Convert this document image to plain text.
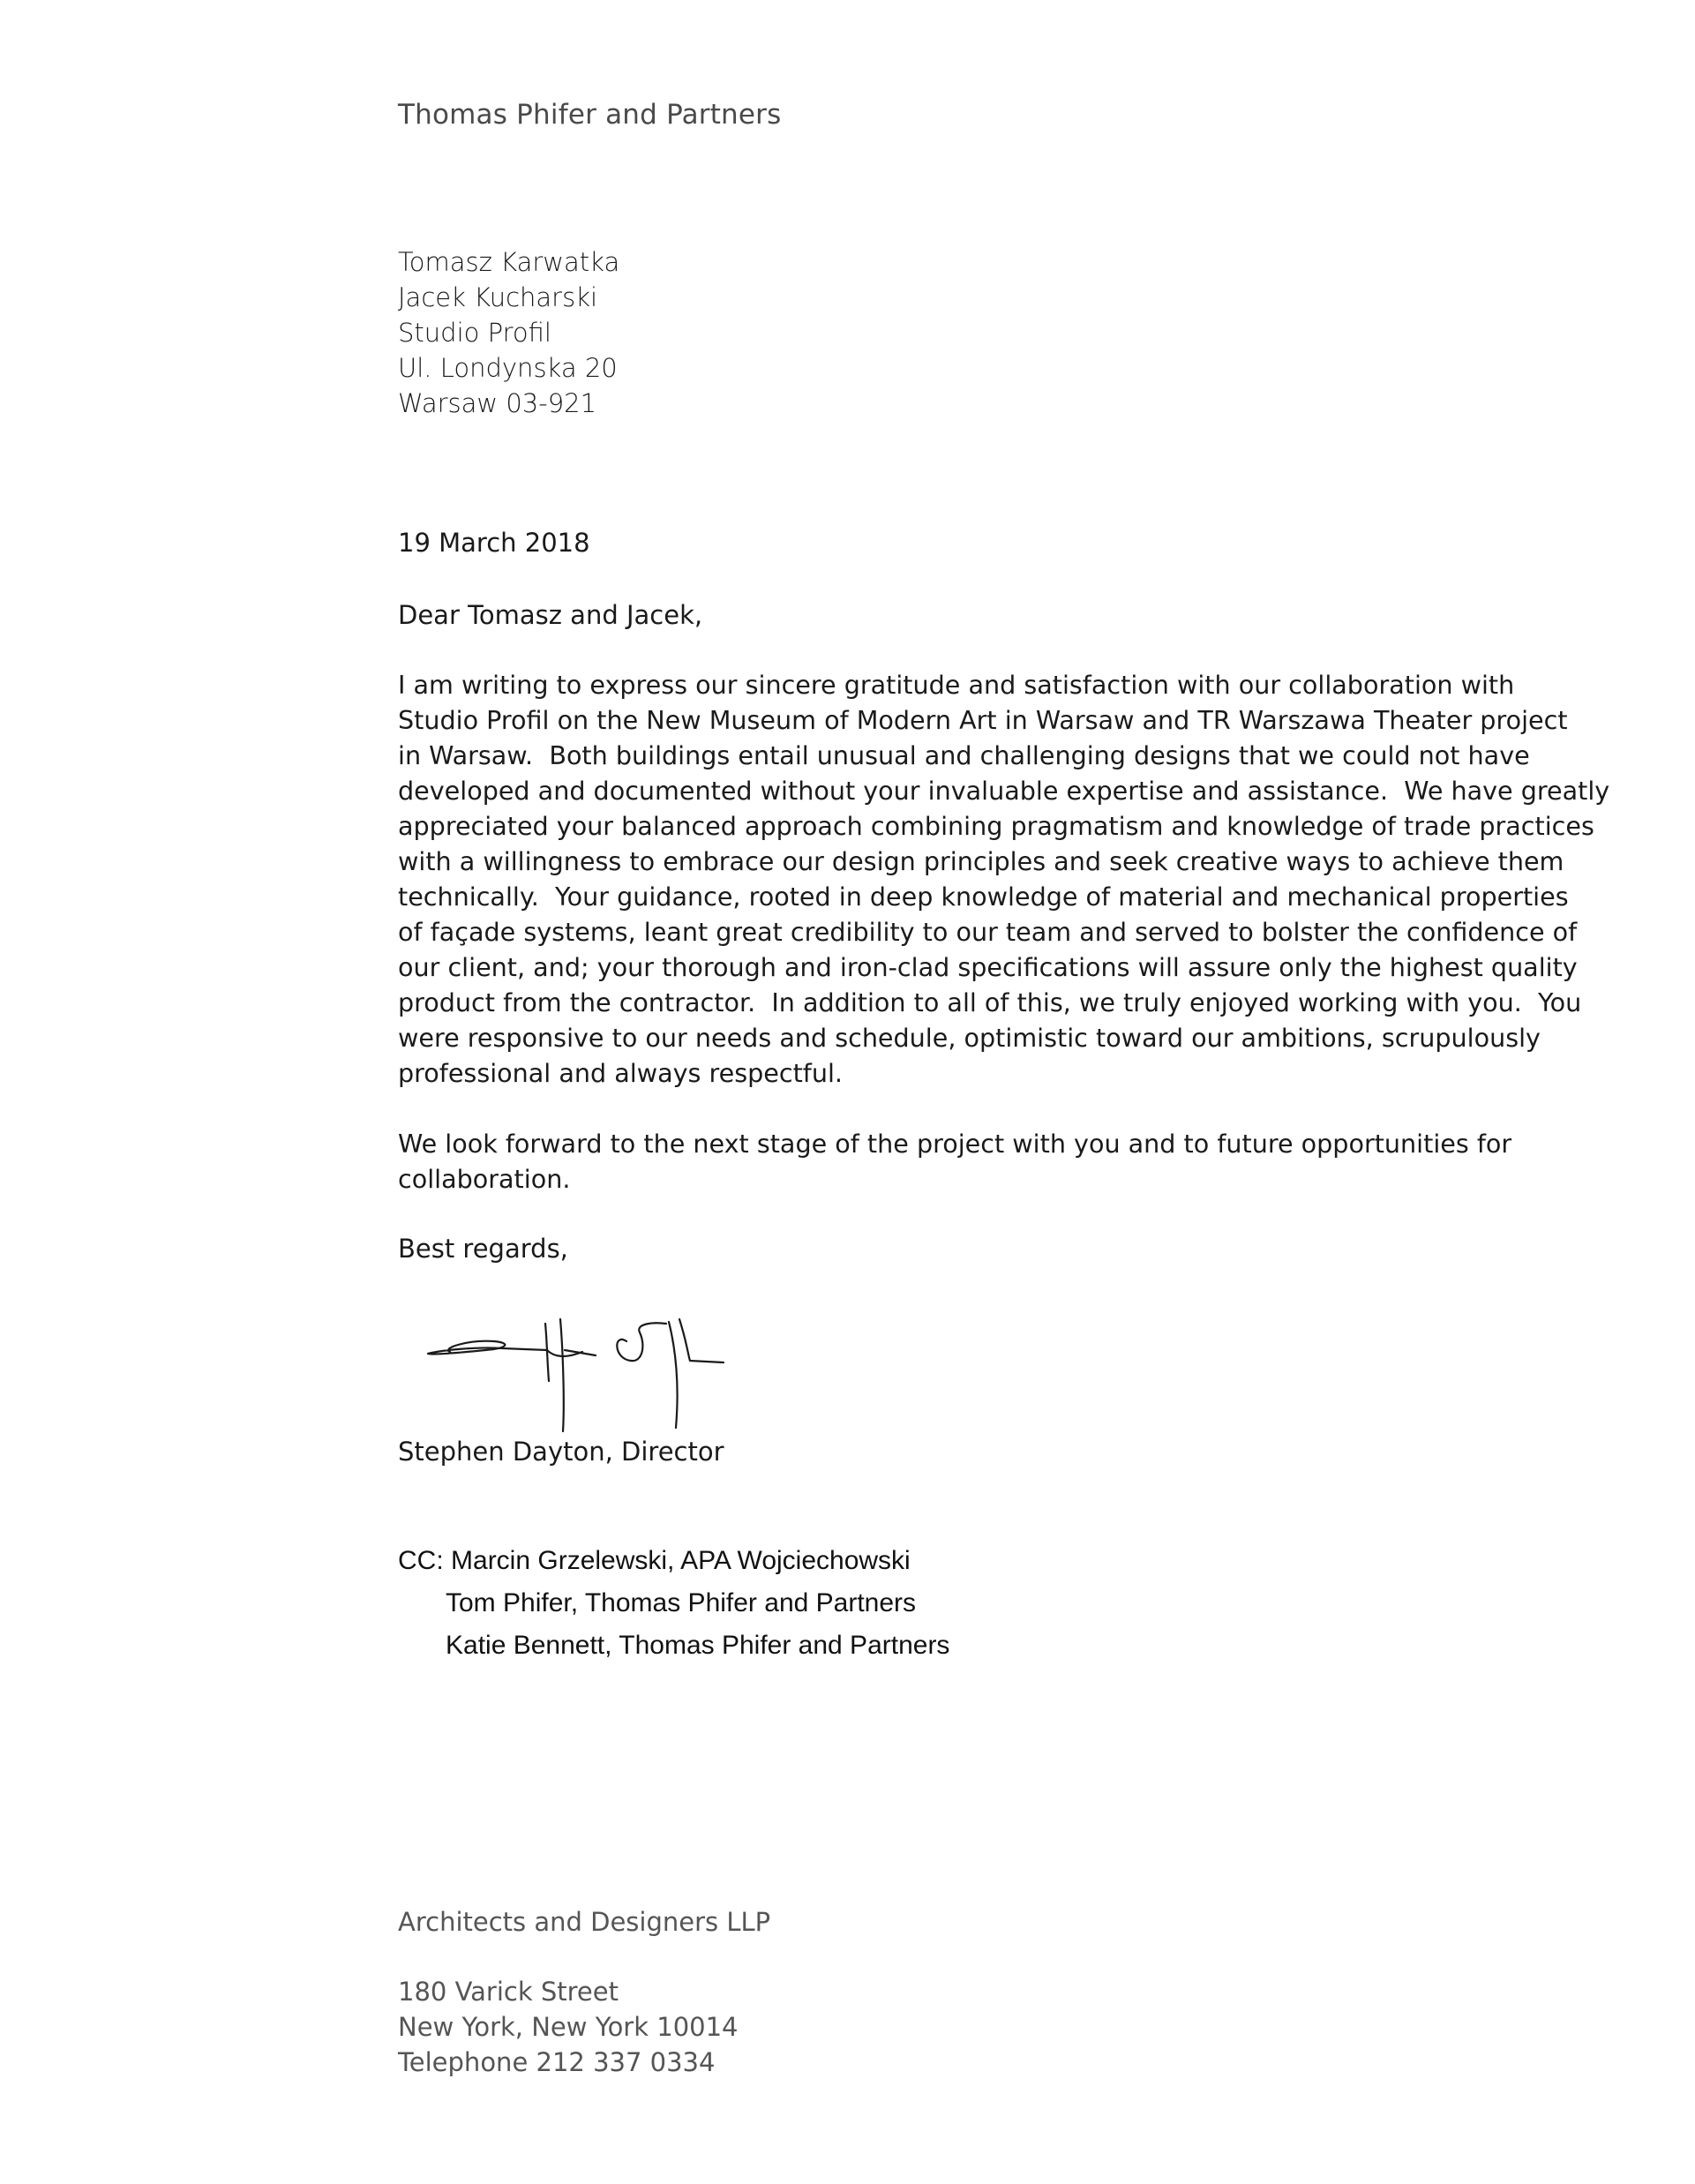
Thomas Phifer and Partners
Tomasz Karwatka
Jacek Kucharski
Studio Profil
Ul. Londynska 20
Warsaw 03-921
19 March 2018
Dear Tomasz and Jacek,
I am writing to express our sincere gratitude and satisfaction with our collaboration with
Studio Profil on the New Museum of Modern Art in Warsaw and TR Warszawa Theater project
in Warsaw.  Both buildings entail unusual and challenging designs that we could not have
developed and documented without your invaluable expertise and assistance.  We have greatly
appreciated your balanced approach combining pragmatism and knowledge of trade practices
with a willingness to embrace our design principles and seek creative ways to achieve them
technically.  Your guidance, rooted in deep knowledge of material and mechanical properties
of façade systems, leant great credibility to our team and served to bolster the confidence of
our client, and; your thorough and iron-clad specifications will assure only the highest quality
product from the contractor.  In addition to all of this, we truly enjoyed working with you.  You
were responsive to our needs and schedule, optimistic toward our ambitions, scrupulously
professional and always respectful.
We look forward to the next stage of the project with you and to future opportunities for
collaboration.
Best regards,
Stephen Dayton, Director
CC: Marcin Grzelewski, APA Wojciechowski
Tom Phifer, Thomas Phifer and Partners
Katie Bennett, Thomas Phifer and Partners
Architects and Designers LLP
180 Varick Street
New York, New York 10014
Telephone 212 337 0334
